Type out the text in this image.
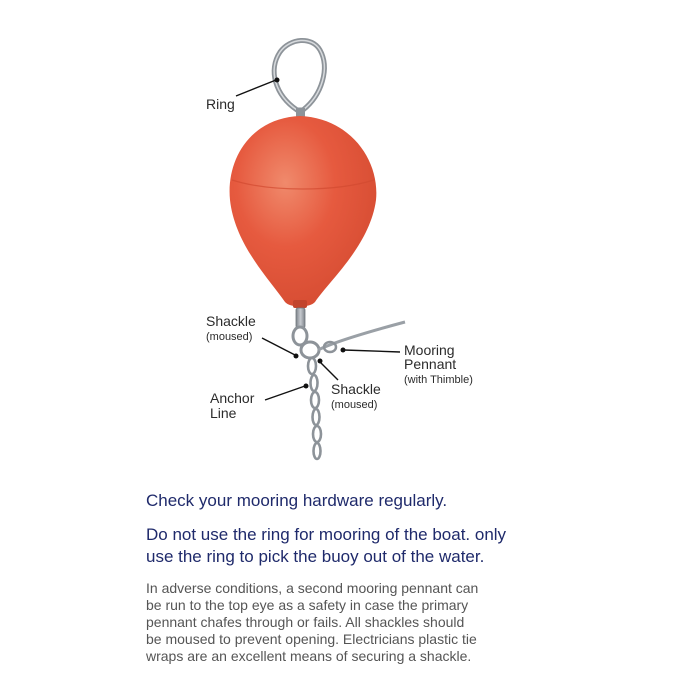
Ring
Shackle
(moused)
Mooring
Pennant
(with Thimble)
Shackle
(moused)
Anchor
Line

Check your mooring hardware regularly.

Do not use the ring for mooring of the boat. only
use the ring to pick the buoy out of the water.

In adverse conditions, a second mooring pennant can
be run to the top eye as a safety in case the primary
pennant chafes through or fails. All shackles should
be moused to prevent opening. Electricians plastic tie
wraps are an excellent means of securing a shackle.
